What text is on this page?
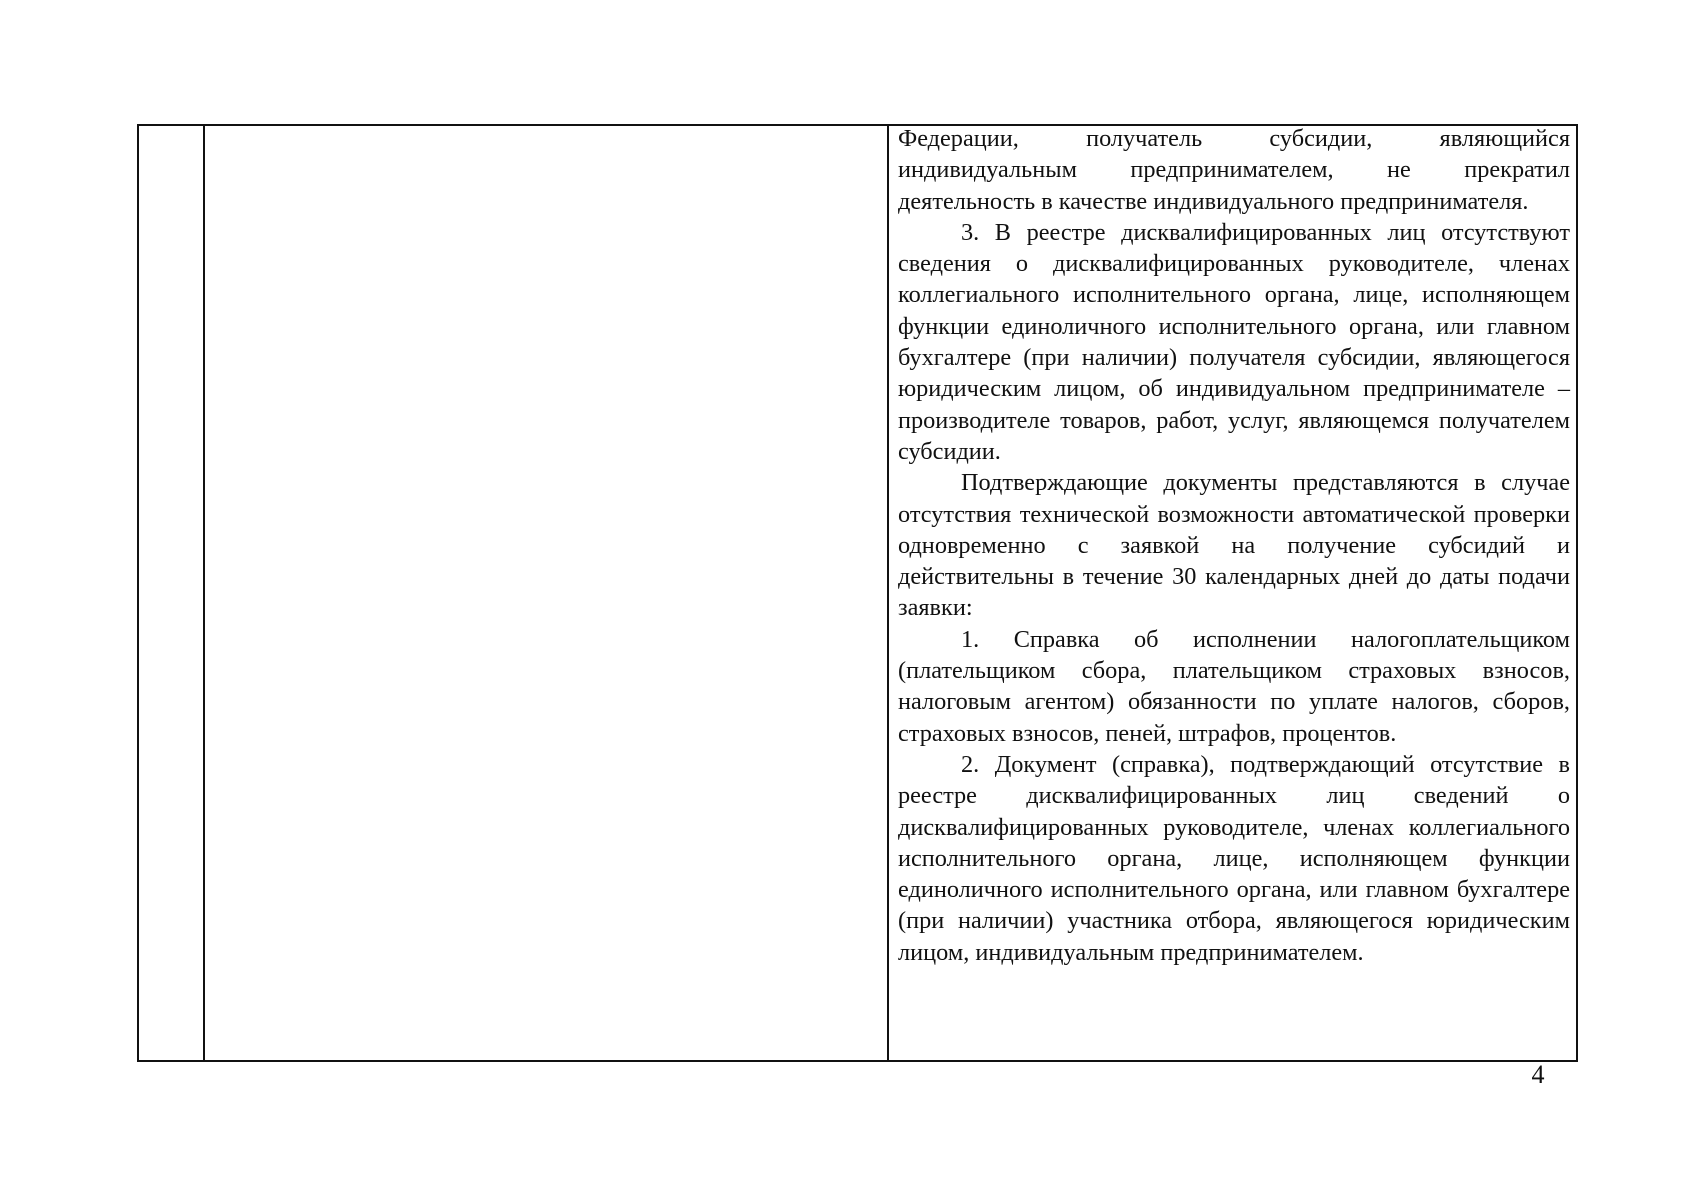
Федерации, получатель субсидии, являющийся индивидуальным предпринимателем, не прекратил деятельность в качестве индивидуального предпринимателя.

3. В реестре дисквалифицированных лиц отсутствуют сведения о дисквалифицированных руководителе, членах коллегиального исполнительного органа, лице, исполняющем функции единоличного исполнительного органа, или главном бухгалтере (при наличии) получателя субсидии, являющегося юридическим лицом, об индивидуальном предпринимателе – производителе товаров, работ, услуг, являющемся получателем субсидии.

Подтверждающие документы представляются в случае отсутствия технической возможности автоматической проверки одновременно с заявкой на получение субсидий и действительны в течение 30 календарных дней до даты подачи заявки:

1. Справка об исполнении налогоплательщиком (плательщиком сбора, плательщиком страховых взносов, налоговым агентом) обязанности по уплате налогов, сборов, страховых взносов, пеней, штрафов, процентов.

2. Документ (справка), подтверждающий отсутствие в реестре дисквалифицированных лиц сведений о дисквалифицированных руководителе, членах коллегиального исполнительного органа, лице, исполняющем функции единоличного исполнительного органа, или главном бухгалтере (при наличии) участника отбора, являющегося юридическим лицом, индивидуальным предпринимателем.

4
